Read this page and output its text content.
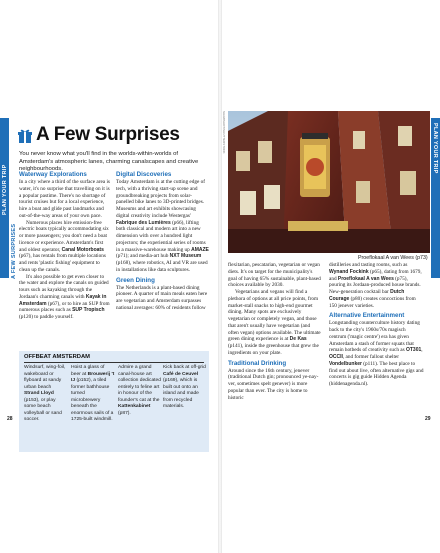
PLAN YOUR TRIP
A FEW SURPRISES
PLAN YOUR TRIP
A Few Surprises
You never know what you'll find in the worlds-within-worlds of Amsterdam's atmospheric lanes, charming canalscapes and creative neighbourhoods.
Waterway Explorations

In a city where a third of the surface area is water, it's no surprise that travelling on it is a popular pastime. There's no shortage of tourist cruises but for a local experience, hire a boat and glide past landmarks and out-of-the-way areas of your own pace.

Numerous places hire emission-free electric boats typically accommodating six or more passengers; you don't need a boat licence or experience. Amsterdam's first and oldest operator, Canal Motorboats (p67), has rentals from multiple locations and rents 'plastic fishing' equipment to clean up the canals.

It's also possible to get even closer to the water and explore the canals on guided tours such as kayaking through the Jordaan's charming canals with Kayak in Amsterdam (p67), or to hire an SUP from numerous places such as SUP Tropisch (p120) to paddle yourself.

Digital Discoveries

Today Amsterdam is at the cutting edge of tech, with a thriving start-up scene and groundbreaking projects from solar-panelled bike lanes to 3D-printed bridges. Museums and art exhibits showcasing digital creativity include Westergas' Fabrique des Lumières (p66), lifting both classical and modern art into a new dimension with over a hundred light projectors; the experiential series of rooms in a massive-warehouse making up AMAZE (p71); and media-art hub NXT Museum (p168), where robotics, AI and VR are used in installations like data sculptures.

Green Dining

The Netherlands is a plant-based dining pioneer. A quarter of main meals eaten here are vegetarian and Amsterdam surpasses national averages: 60% of residents follow

OFFBEAT AMSTERDAM
Windsurf, wing-foil, wakeboard or flyboard at sandy urban beach Strand Lloyd (p153), or play some beach volleyball or sand soccer.
Hoist a glass of beer at Brouwerij 't IJ (p152), a tiled former bathhouse turned microbrewery beneath the enormous sails of a 1725-built windmill.
Admire a grand canal-house art collection dedicated entirely to feline art in honour of the founder's cat at the Kattenkabinet (p87).
Kick back at off-grid Café de Ceuvel (p169), which is built out onto an island and made from recycled materials.
28	29
SHAWSHOT/SHUTTERSTOCK
Proeflokaal A van Wees (p73)

flexitarian, pescatarian, vegetarian or vegan diets. It's on target for the municipality's goal of having 65% sustainable, plant-based choices available by 2030.

Vegetarians and vegans will find a plethora of options at all price points, from market-stall snacks to high-end gourmet dining. Many spots are exclusively vegetarian or completely vegan, and those that aren't usually have vegetarian (and often vegan) options available. The ultimate green dining experience is at De Kas (p141), inside the greenhouse that grew the ingredients on your plate.

Traditional Drinking

Around since the 16th century, jenever (traditional Dutch gin; pronounced ye-nay-ver, sometimes spelt genever) is more popular than ever. The city is home to historic

distilleries and tasting rooms, such as Wynand Fockink (p65), dating from 1679, and Proeflokaal A van Wees (p75), pouring its Jordaan-produced house brands. New-generation cocktail bar Dutch Courage (p80) creates concoctions from 150 jenever varieties.

Alternative Entertainment

Longstanding counterculture history dating back to the city's 1960s/70s magisch centrum ('magic centre') era has given Amsterdam a stash of former squats that remain hotbeds of creativity such as OT301, OCCII, and former fallout shelter Vondelbunker (p111). The best place to find out about live, often alternative gigs and concerts is gig guide Hidden Agenda (hiddenagenda.nl).
